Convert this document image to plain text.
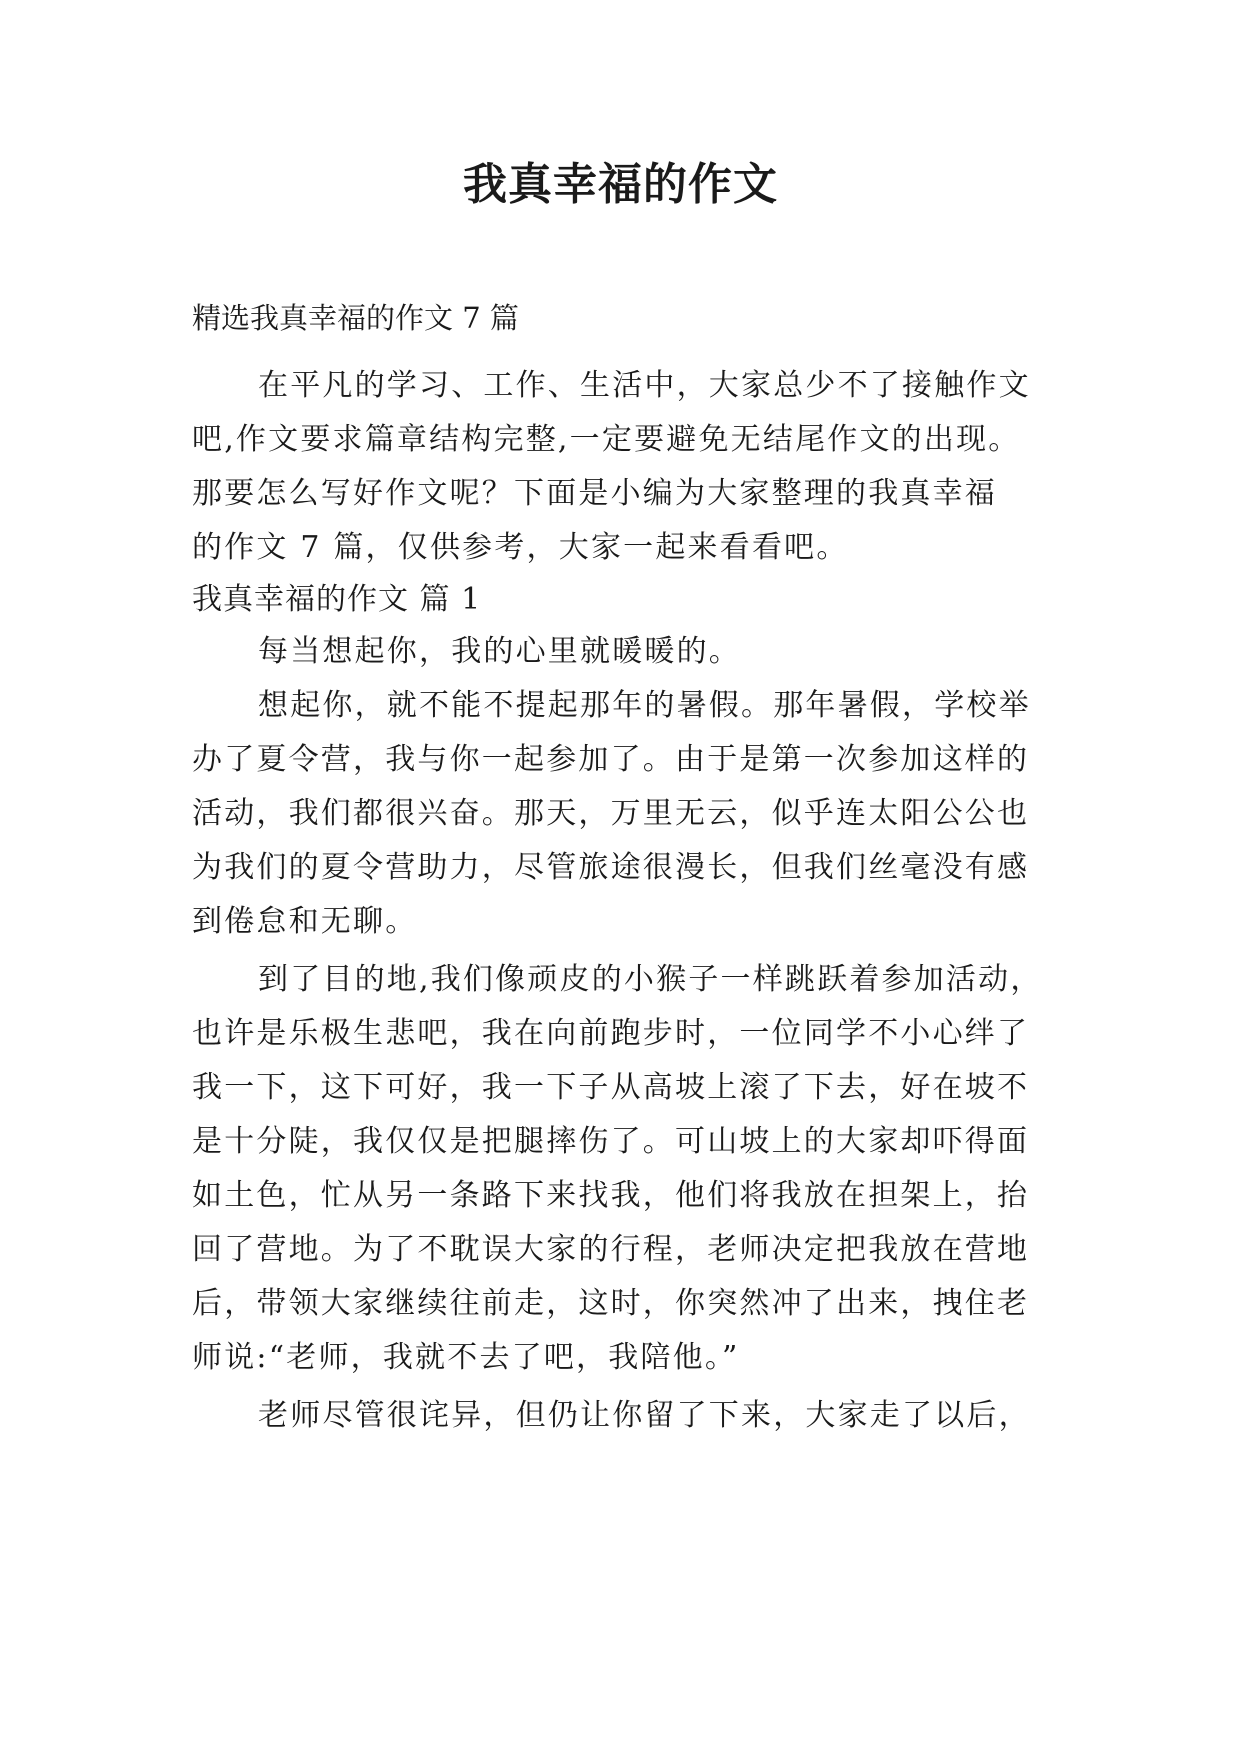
我真幸福的作文
精选我真幸福的作文 7 篇
在平凡的学习、工作、生活中，大家总少不了接触作文
吧,作文要求篇章结构完整,一定要避免无结尾作文的出现。
那要怎么写好作文呢？下面是小编为大家整理的我真幸福
的作文 7 篇，仅供参考，大家一起来看看吧。
我真幸福的作文 篇 1
每当想起你，我的心里就暖暖的。
想起你，就不能不提起那年的暑假。那年暑假，学校举
办了夏令营，我与你一起参加了。由于是第一次参加这样的
活动，我们都很兴奋。那天，万里无云，似乎连太阳公公也
为我们的夏令营助力，尽管旅途很漫长，但我们丝毫没有感
到倦怠和无聊。
到了目的地,我们像顽皮的小猴子一样跳跃着参加活动，
也许是乐极生悲吧，我在向前跑步时，一位同学不小心绊了
我一下，这下可好，我一下子从高坡上滚了下去，好在坡不
是十分陡，我仅仅是把腿摔伤了。可山坡上的大家却吓得面
如土色，忙从另一条路下来找我，他们将我放在担架上，抬
回了营地。为了不耽误大家的行程，老师决定把我放在营地
后，带领大家继续往前走，这时，你突然冲了出来，拽住老
师说:“老师，我就不去了吧，我陪他。”
老师尽管很诧异，但仍让你留了下来，大家走了以后，
